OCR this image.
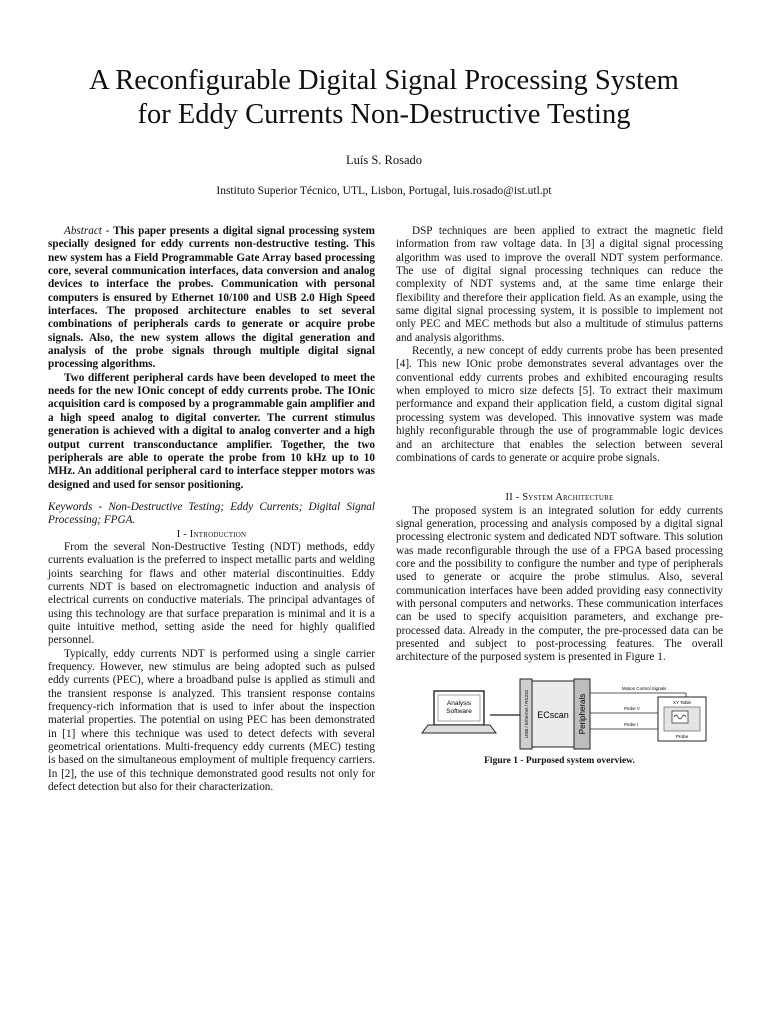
A Reconfigurable Digital Signal Processing System
for Eddy Currents Non-Destructive Testing
Luís S. Rosado
Instituto Superior Técnico, UTL, Lisbon, Portugal, luis.rosado@ist.utl.pt

Abstract - This paper presents a digital signal processing system specially designed for eddy currents non-destructive testing. This new system has a Field Programmable Gate Array based processing core, several communication interfaces, data conversion and analog devices to interface the probes. Communication with personal computers is ensured by Ethernet 10/100 and USB 2.0 High Speed interfaces. The proposed architecture enables to set several combinations of peripherals cards to generate or acquire probe signals. Also, the new system allows the digital generation and analysis of the probe signals through multiple digital signal processing algorithms.

Two different peripheral cards have been developed to meet the needs for the new IOnic concept of eddy currents probe. The IOnic acquisition card is composed by a programmable gain amplifier and a high speed analog to digital converter. The current stimulus generation is achieved with a digital to analog converter and a high output current transconductance amplifier. Together, the two peripherals are able to operate the probe from 10 kHz up to 10 MHz. An additional peripheral card to interface stepper motors was designed and used for sensor positioning.

Keywords - Non-Destructive Testing; Eddy Currents; Digital Signal Processing; FPGA.

I - Introduction

From the several Non-Destructive Testing (NDT) methods, eddy currents evaluation is the preferred to inspect metallic parts and welding joints searching for flaws and other material discontinuities. Eddy currents NDT is based on electromagnetic induction and analysis of electrical currents on conductive materials. The principal advantages of using this technology are that surface preparation is minimal and it is a quite intuitive method, setting aside the need for highly qualified personnel.

Typically, eddy currents NDT is performed using a single carrier frequency. However, new stimulus are being adopted such as pulsed eddy currents (PEC), where a broadband pulse is applied as stimuli and the transient response is analyzed. This transient response contains frequency-rich information that is used to infer about the inspection material properties. The potential on using PEC has been demonstrated in [1] where this technique was used to detect defects with several geometrical orientations. Multi-frequency eddy currents (MEC) testing is based on the simultaneous employment of multiple frequency carriers. In [2], the use of this technique demonstrated good results not only for defect detection but also for their characterization.

DSP techniques are been applied to extract the magnetic field information from raw voltage data. In [3] a digital signal processing algorithm was used to improve the overall NDT system performance. The use of digital signal processing techniques can reduce the complexity of NDT systems and, at the same time enlarge their flexibility and therefore their application field. As an example, using the same digital signal processing system, it is possible to implement not only PEC and MEC methods but also a multitude of stimulus patterns and analysis algorithms.

Recently, a new concept of eddy currents probe has been presented [4]. This new IOnic probe demonstrates several advantages over the conventional eddy currents probes and exhibited encouraging results when employed to micro size defects [5]. To extract their maximum performance and expand their application field, a custom digital signal processing system was developed. This innovative system was made highly reconfigurable through the use of programmable logic devices and an architecture that enables the selection between several combinations of cards to generate or acquire probe signals.

II - System Architecture

The proposed system is an integrated solution for eddy currents signal generation, processing and analysis composed by a digital signal processing electronic system and dedicated NDT software. This solution was made reconfigurable through the use of a FPGA based processing core and the possibility to configure the number and type of peripherals used to generate or acquire the probe stimulus. Also, several communication interfaces have been added providing easy connectivity with personal computers and networks. These communication interfaces can be used to specify acquisition parameters, and exchange pre-processed data. Already in the computer, the pre-processed data can be presented and subject to post-processing features. The overall architecture of the purposed system is presented in Figure 1.

Analysis
Software	USB / Ethernet / RS232 ECscan Peripherals
Motion Control Signals
Probe V
Probe I
XY Table
Probe

Figure 1 - Purposed system overview.
